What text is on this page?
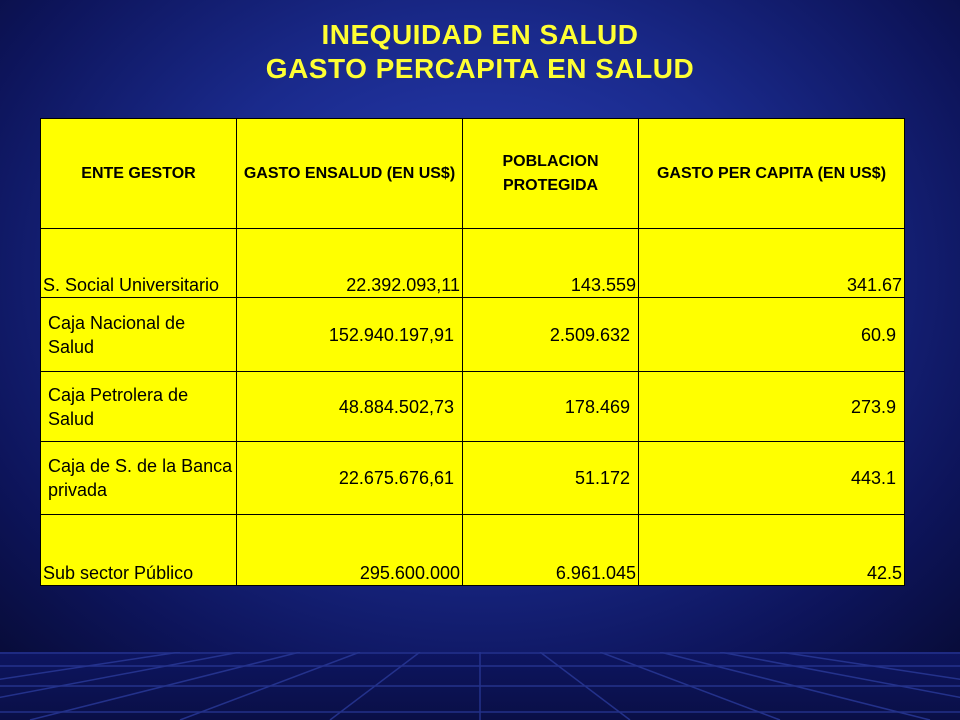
INEQUIDAD EN SALUD
GASTO PERCAPITA EN SALUD
ENTE GESTOR	GASTO ENSALUD (EN US$)	POBLACION PROTEGIDA	GASTO PER CAPITA (EN US$)
S. Social Universitario	22.392.093,11	143.559	341.67
Caja Nacional de Salud	152.940.197,91	2.509.632	60.9
Caja Petrolera de Salud	48.884.502,73	178.469	273.9
Caja de S. de la Banca privada	22.675.676,61	51.172	443.1
Sub sector Público	295.600.000	6.961.045	42.5
